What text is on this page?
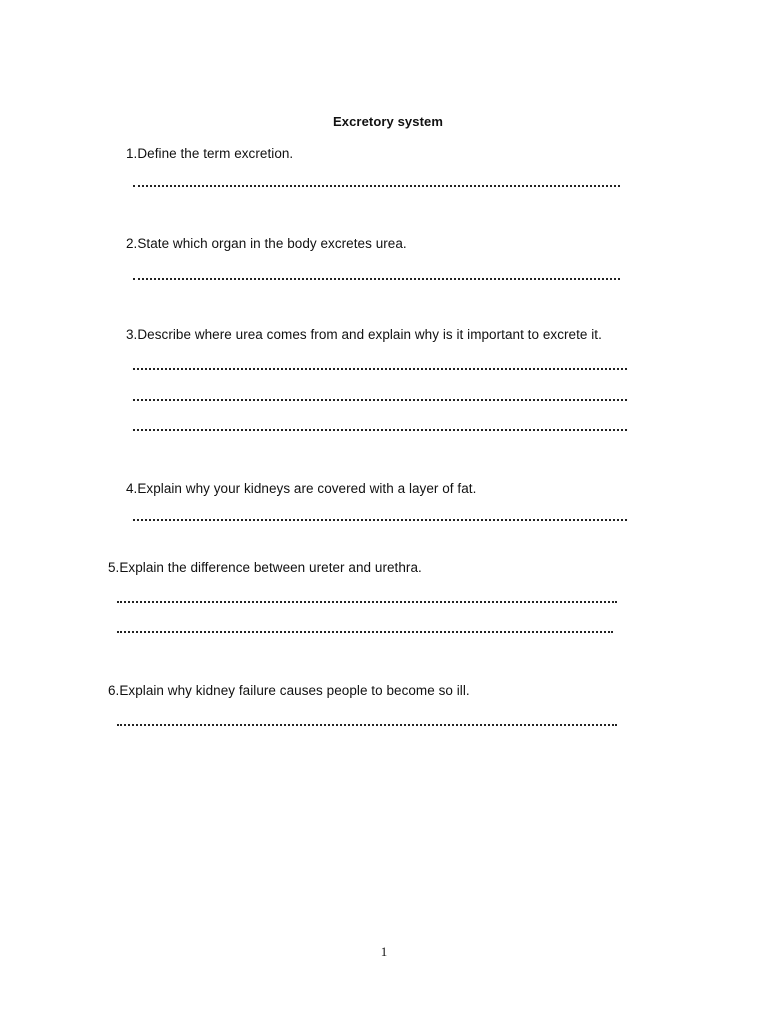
Excretory system
1.Define the term excretion.
2.State which organ in the body excretes urea.
3.Describe where urea comes from and explain why is it important to excrete it.
4.Explain why your kidneys are covered with a layer of fat.
5.Explain the difference between ureter and urethra.
6.Explain why kidney failure causes people to become so ill.
1
